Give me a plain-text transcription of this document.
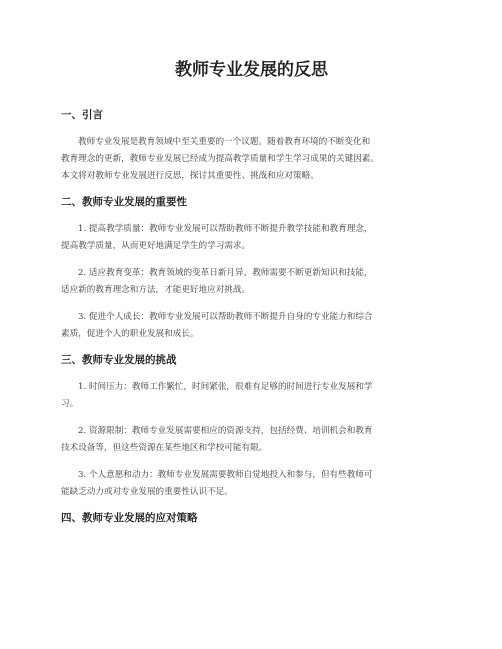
教师专业发展的反思
一、引言

教师专业发展是教育领域中至关重要的一个议题。随着教育环境的不断变化和
教育理念的更新，教师专业发展已经成为提高教学质量和学生学习成果的关键因素。
本文将对教师专业发展进行反思，探讨其重要性、挑战和应对策略。

二、教师专业发展的重要性

1. 提高教学质量：教师专业发展可以帮助教师不断提升教学技能和教育理念，
提高教学质量，从而更好地满足学生的学习需求。

2. 适应教育变革：教育领域的变革日新月异，教师需要不断更新知识和技能，
适应新的教育理念和方法，才能更好地应对挑战。

3. 促进个人成长：教师专业发展可以帮助教师不断提升自身的专业能力和综合
素质，促进个人的职业发展和成长。

三、教师专业发展的挑战

1. 时间压力：教师工作繁忙，时间紧张，很难有足够的时间进行专业发展和学
习。

2. 资源限制：教师专业发展需要相应的资源支持，包括经费、培训机会和教育
技术设备等，但这些资源在某些地区和学校可能有限。

3. 个人意愿和动力：教师专业发展需要教师自觉地投入和参与，但有些教师可
能缺乏动力或对专业发展的重要性认识不足。

四、教师专业发展的应对策略
